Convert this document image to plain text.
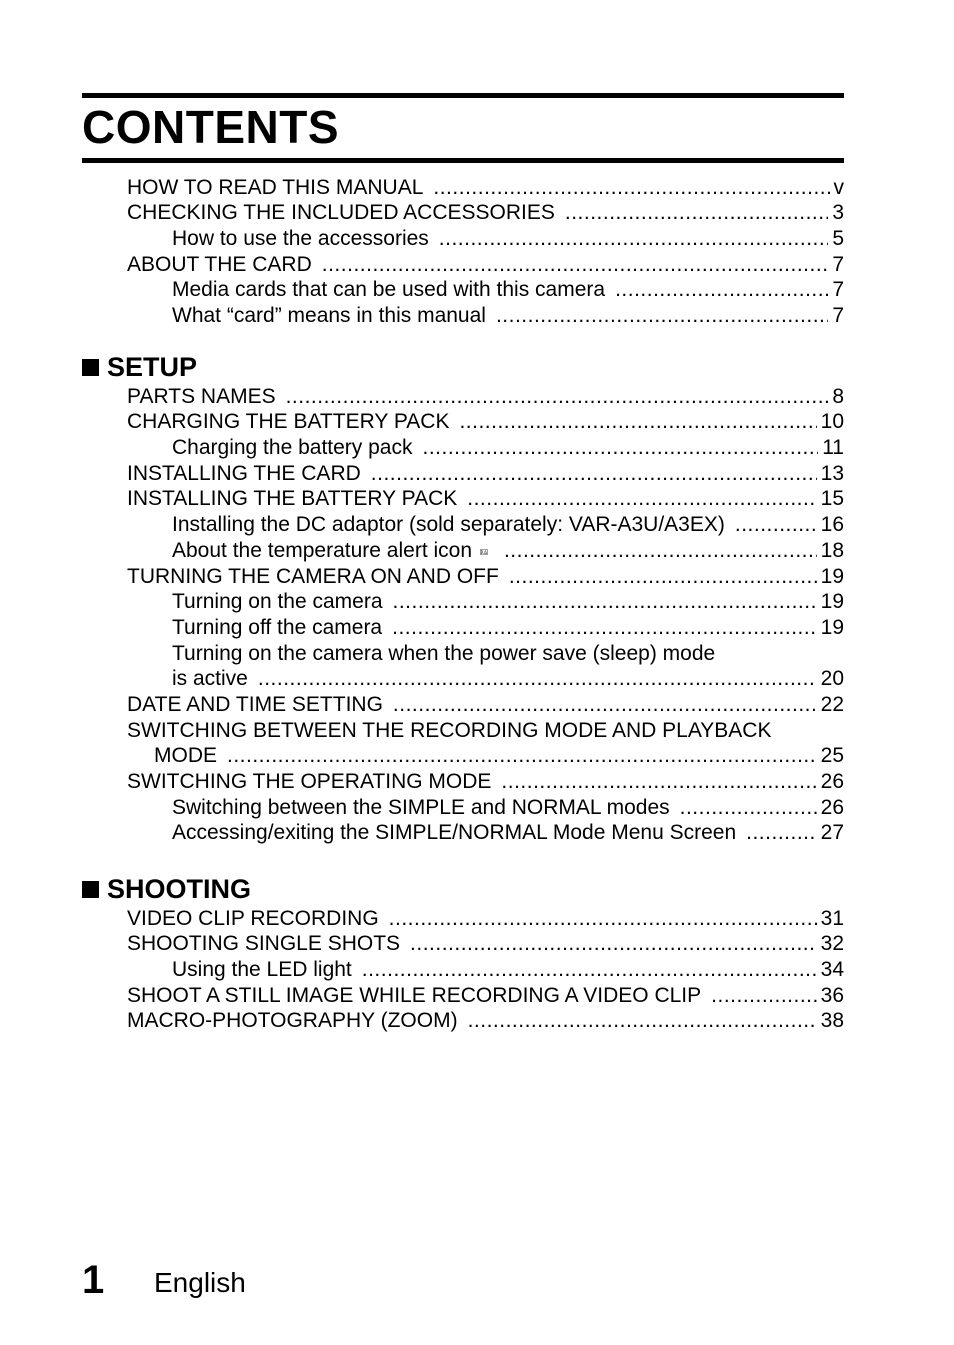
CONTENTS
HOW TO READ THIS MANUAL .....	v
CHECKING THE INCLUDED ACCESSORIES .....	3
How to use the accessories .....	5
ABOUT THE CARD .....	7
Media cards that can be used with this camera .....	7
What “card” means in this manual .....	7
SETUP
PARTS NAMES .....	8
CHARGING THE BATTERY PACK .....	10
Charging the battery pack .....	11
INSTALLING THE CARD .....	13
INSTALLING THE BATTERY PACK .....	15
Installing the DC adaptor (sold separately: VAR-A3U/A3EX) .....	16
About the temperature alert icon .....	18
TURNING THE CAMERA ON AND OFF .....	19
Turning on the camera .....	19
Turning off the camera .....	19
Turning on the camera when the power save (sleep) mode
is active .....	20
DATE AND TIME SETTING .....	22
SWITCHING BETWEEN THE RECORDING MODE AND PLAYBACK
MODE .....	25
SWITCHING THE OPERATING MODE .....	26
Switching between the SIMPLE and NORMAL modes .....	26
Accessing/exiting the SIMPLE/NORMAL Mode Menu Screen .....	27
SHOOTING
VIDEO CLIP RECORDING .....	31
SHOOTING SINGLE SHOTS .....	32
Using the LED light .....	34
SHOOT A STILL IMAGE WHILE RECORDING A VIDEO CLIP .....	36
MACRO-PHOTOGRAPHY (ZOOM) .....	38
1 English
